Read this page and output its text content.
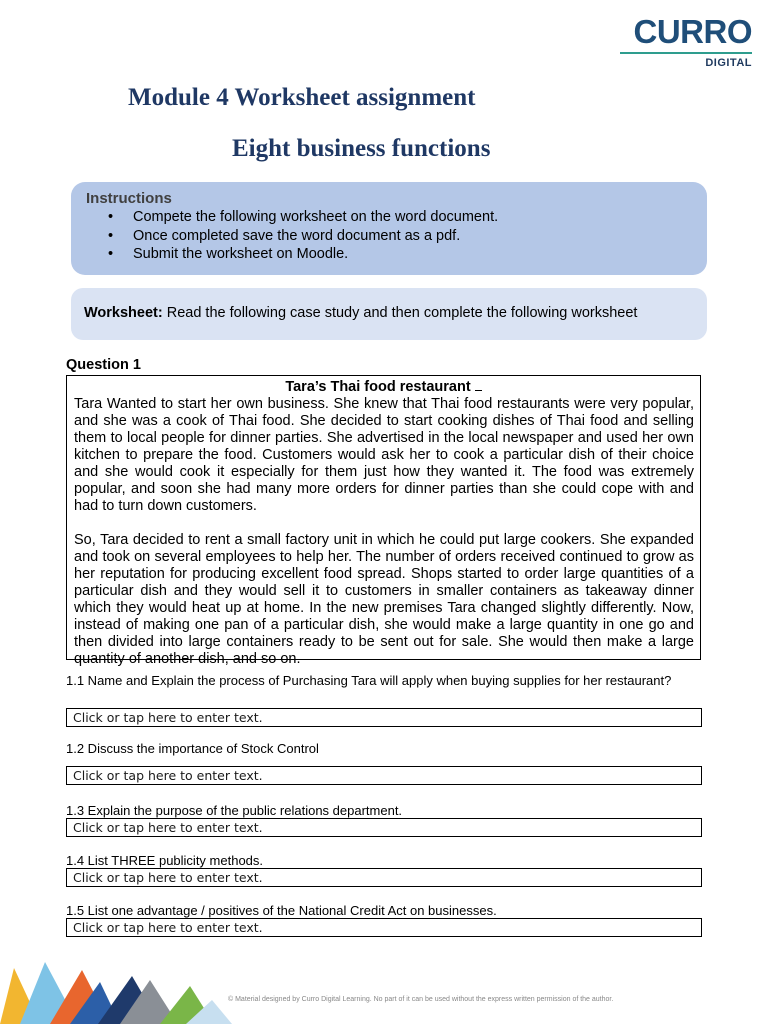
CURRO
DIGITAL
Module 4 Worksheet assignment
Eight business functions
Instructions
• Compete the following worksheet on the word document.
• Once completed save the word document as a pdf.
• Submit the worksheet on Moodle.
Worksheet: Read the following case study and then complete the following worksheet
Question 1
Tara’s Thai food restaurant

Tara Wanted to start her own business. She knew that Thai food restaurants were very popular, and she was a cook of Thai food. She decided to start cooking dishes of Thai food and selling them to local people for dinner parties. She advertised in the local newspaper and used her own kitchen to prepare the food. Customers would ask her to cook a particular dish of their choice and she would cook it especially for them just how they wanted it. The food was extremely popular, and soon she had many more orders for dinner parties than she could cope with and had to turn down customers.

So, Tara decided to rent a small factory unit in which he could put large cookers. She expanded and took on several employees to help her. The number of orders received continued to grow as her reputation for producing excellent food spread. Shops started to order large quantities of a particular dish and they would sell it to customers in smaller containers as takeaway dinner which they would heat up at home. In the new premises Tara changed slightly differently. Now, instead of making one pan of a particular dish, she would make a large quantity in one go and then divided into large containers ready to be sent out for sale. She would then make a large quantity of another dish, and so on.

1.1 Name and Explain the process of Purchasing Tara will apply when buying supplies for her restaurant?
Click or tap here to enter text.
1.2 Discuss the importance of Stock Control
Click or tap here to enter text.
1.3 Explain the purpose of the public relations department.
Click or tap here to enter text.
1.4 List THREE publicity methods.
Click or tap here to enter text.
1.5 List one advantage / positives of the National Credit Act on businesses.
Click or tap here to enter text.
© Material designed by Curro Digital Learning. No part of it can be used without the express written permission of the author.
